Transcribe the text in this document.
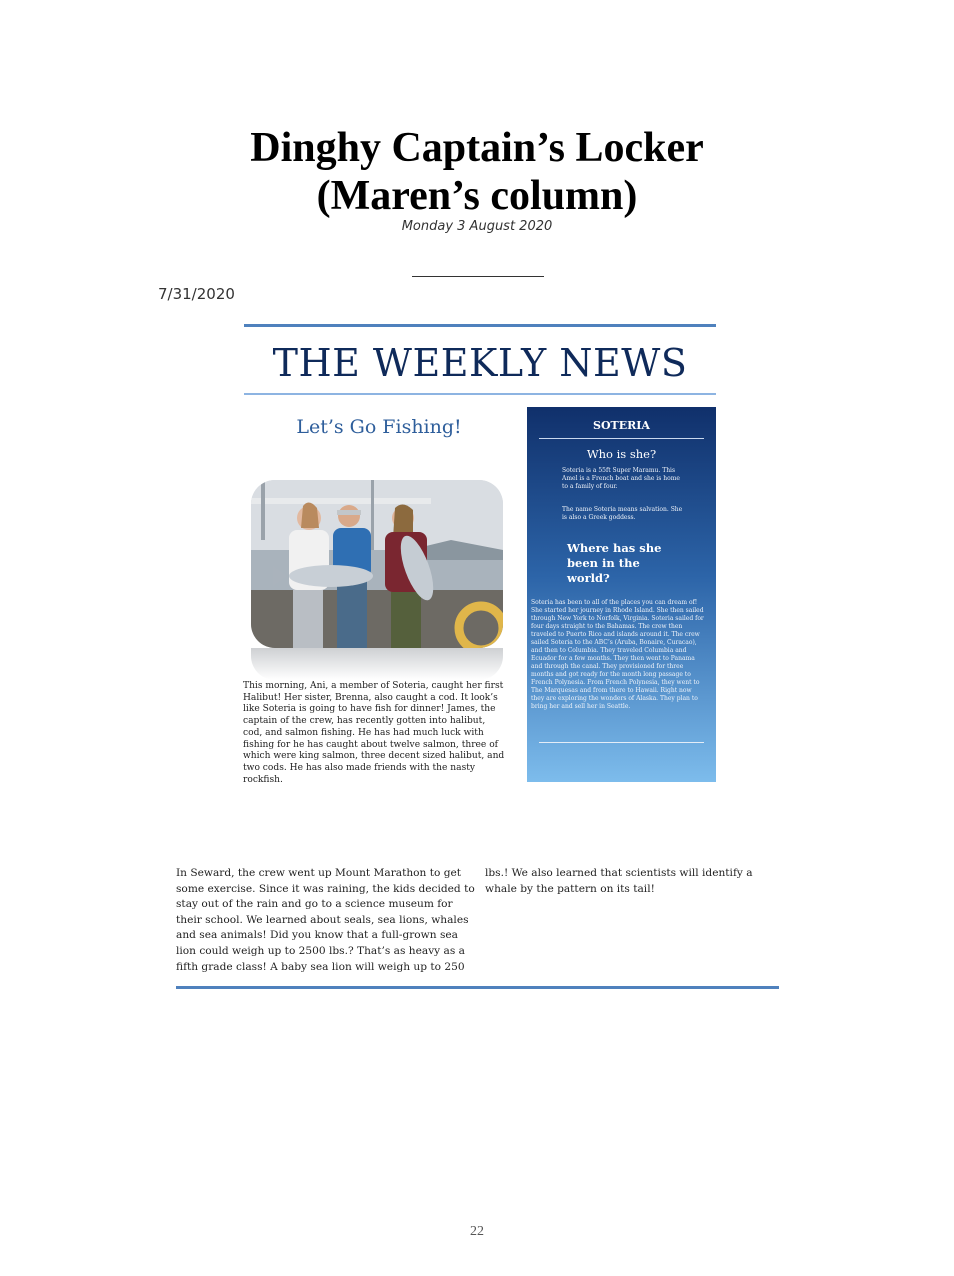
Dinghy Captain’s Locker
(Maren’s column)
Monday 3 August 2020
7/31/2020
THE WEEKLY NEWS
Let’s Go Fishing!
This morning, Ani, a member of Soteria, caught her first Halibut! Her sister, Brenna, also caught a cod. It look’s like Soteria is going to have fish for dinner! James, the captain of the crew, has recently gotten into halibut, cod, and salmon fishing. He has had much luck with fishing for he has caught about twelve salmon, three of which were king salmon, three decent sized halibut, and two cods. He has also made friends with the nasty rockfish.
SOTERIA
Who is she?
Soteria is a 55ft Super Maramu. This Amel is a French boat and she is home to a family of four.
The name Soteria means salvation. She is also a Greek goddess.
Where has she been in the world?
Soteria has been to all of the places you can dream of! She started her journey in Rhode Island. She then sailed through New York to Norfolk, Virginia. Soteria sailed for four days straight to the Bahamas. The crew then traveled to Puerto Rico and islands around it. The crew sailed Soteria to the ABC’s (Aruba, Bonaire, Curacao), and then to Columbia. They traveled Columbia and Ecuador for a few months. They then went to Panama and through the canal. They provisioned for three months and got ready for the month long passage to French Polynesia. From French Polynesia, they went to The Marquesas and from there to Hawaii. Right now they are exploring the wonders of Alaska. They plan to bring her and sell her in Seattle.
In Seward, the crew went up Mount Marathon to get some exercise. Since it was raining, the kids decided to stay out of the rain and go to a science museum for their school. We learned about seals, sea lions, whales and sea animals! Did you know that a full-grown sea lion could weigh up to 2500 lbs.? That’s as heavy as a fifth grade class! A baby sea lion will weigh up to 250
lbs.! We also learned that scientists will identify a whale by the pattern on its tail!
22
